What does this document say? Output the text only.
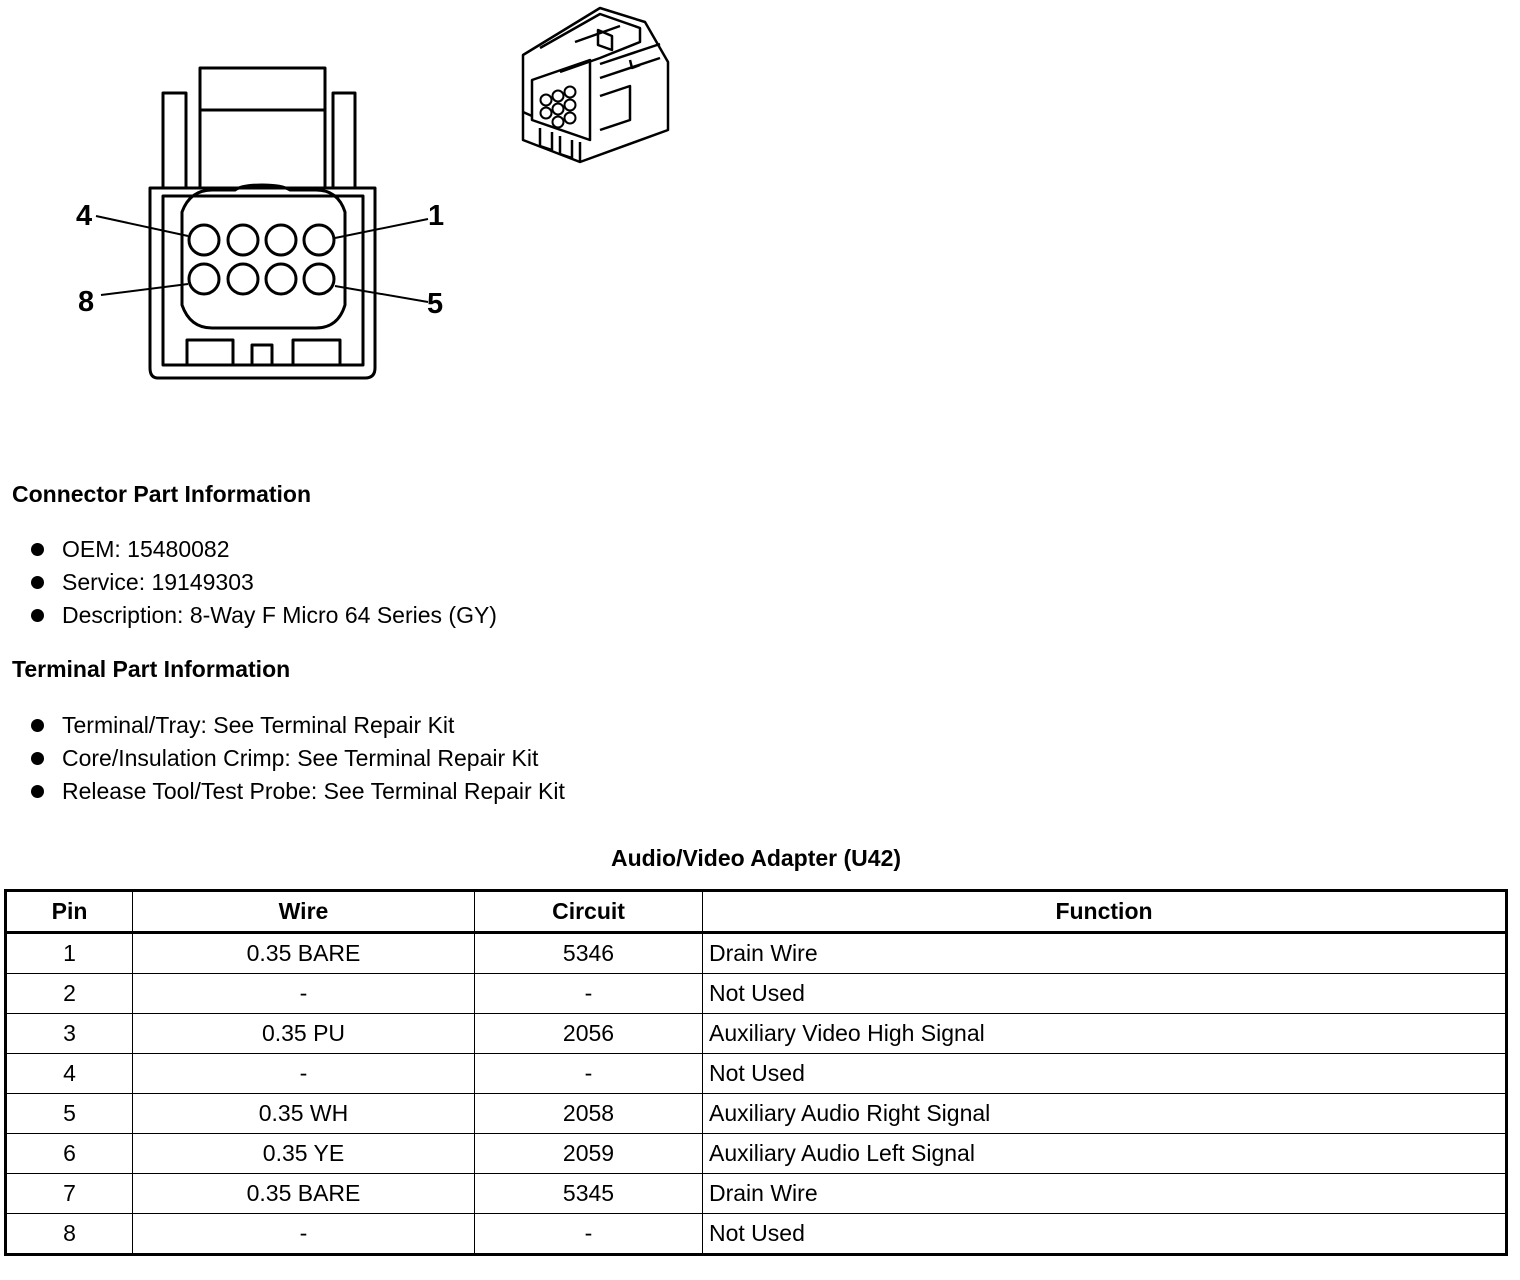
4
8
1
5
Connector Part Information
OEM: 15480082
Service: 19149303
Description: 8-Way F Micro 64 Series (GY)
Terminal Part Information
Terminal/Tray: See Terminal Repair Kit
Core/Insulation Crimp: See Terminal Repair Kit
Release Tool/Test Probe: See Terminal Repair Kit
Audio/Video Adapter (U42)
Pin	Wire	Circuit	Function
1	0.35 BARE	5346	Drain Wire
2	-	-	Not Used
3	0.35 PU	2056	Auxiliary Video High Signal
4	-	-	Not Used
5	0.35 WH	2058	Auxiliary Audio Right Signal
6	0.35 YE	2059	Auxiliary Audio Left Signal
7	0.35 BARE	5345	Drain Wire
8	-	-	Not Used
